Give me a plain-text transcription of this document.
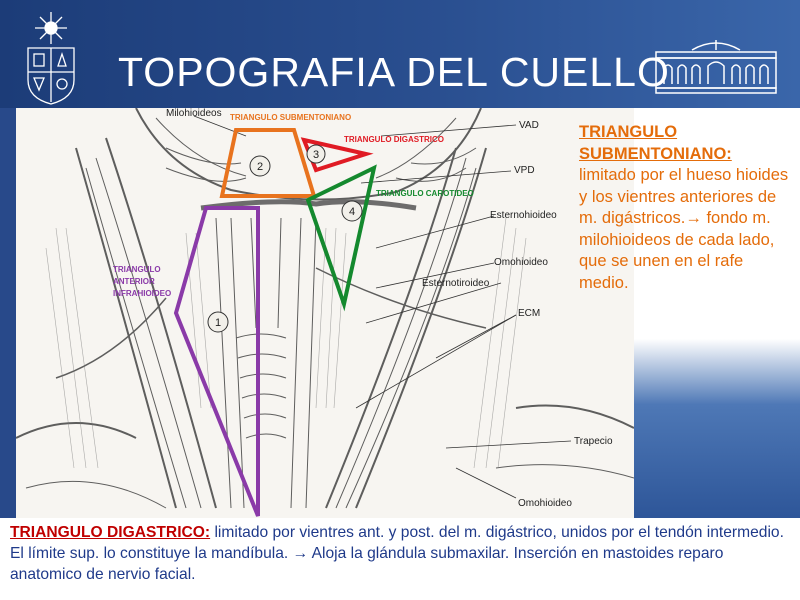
TOPOGRAFIA DEL CUELLO
1
2
3
4
Milohioideos
VAD
VPD
Esternohioideo
Omohioideo
Esternotiroideo
ECM
Trapecio
Omohioideo
TRIANGULO SUBMENTONIANO
TRIANGULO DIGASTRICO
TRIANGULO CAROTIDEO
TRIANGULO
ANTERIOR
INFRAHIOIDEO
TRIANGULO
SUBMENTONIANO:
limitado por el hueso hioides y los vientres anteriores de m. digástricos.→ fondo m. milohioideos de cada lado, que se unen en el rafe medio.
TRIANGULO DIGASTRICO: limitado por vientres ant. y post. del m. digástrico, unidos por el tendón intermedio. El límite sup. lo constituye la mandíbula. → Aloja la glándula submaxilar. Inserción en mastoides reparo anatomico de nervio facial.
